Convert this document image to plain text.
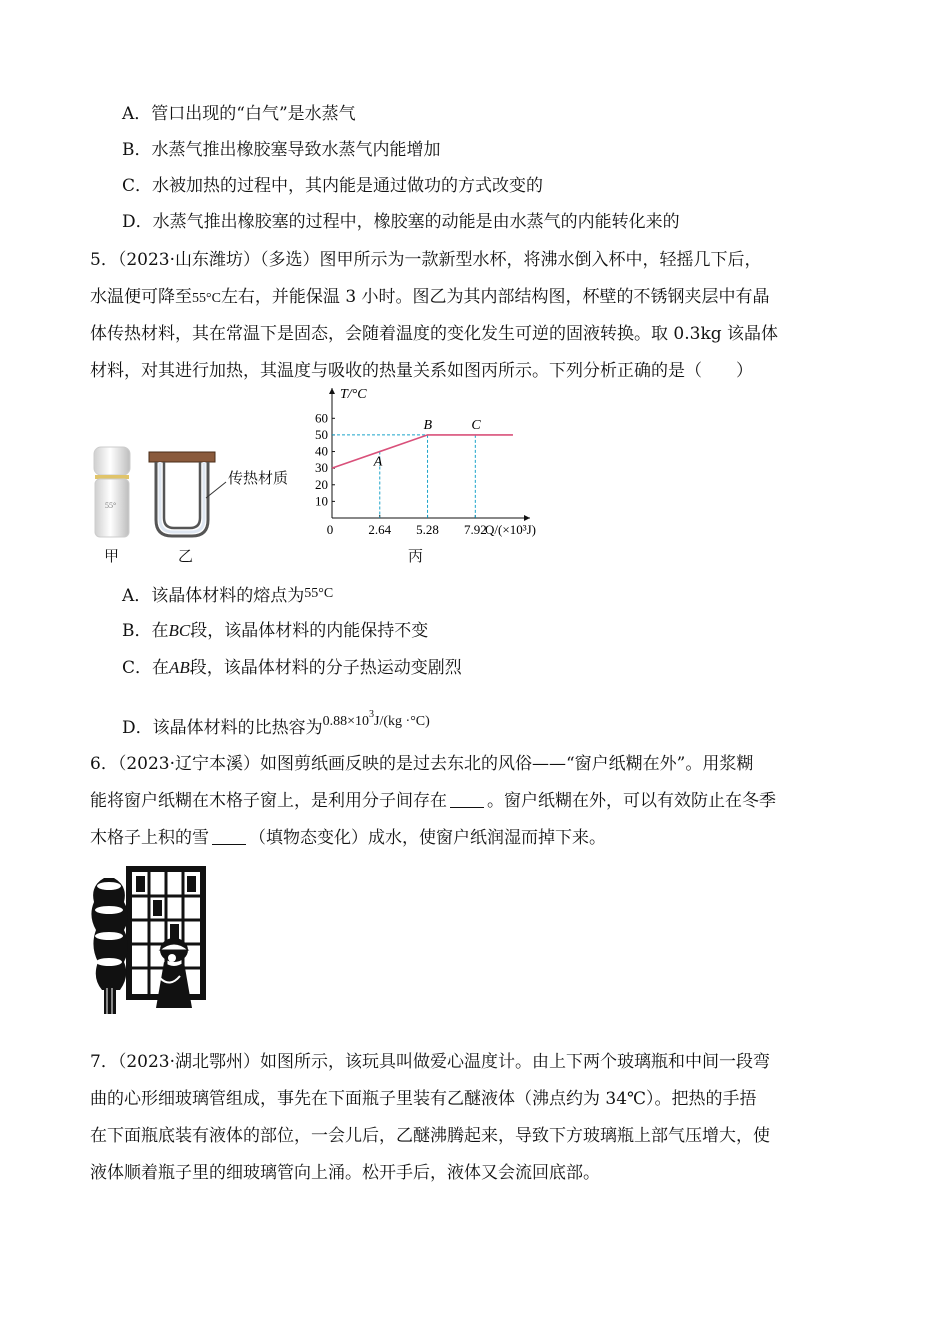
A．管口出现的“白气”是水蒸气
B．水蒸气推出橡胶塞导致水蒸气内能增加
C．水被加热的过程中，其内能是通过做功的方式改变的
D．水蒸气推出橡胶塞的过程中，橡胶塞的动能是由水蒸气的内能转化来的
5．（2023·山东潍坊）（多选）图甲所示为一款新型水杯，将沸水倒入杯中，轻摇几下后，
水温便可降至55°C左右，并能保温 3 小时。图乙为其内部结构图，杯壁的不锈钢夹层中有晶
体传热材料，其在常温下是固态，会随着温度的变化发生可逆的固液转换。取 0.3kg 该晶体
材料，对其进行加热，其温度与吸收的热量关系如图丙所示。下列分析正确的是（　　）
55°
甲
传热材质
乙
10
20
30
40
50
60
0	2.64 5.28 7.92
A
B	C
T/°C
Q/(×10³J)
丙
A．该晶体材料的熔点为$^{55^\circ C}$
B．在BC段，该晶体材料的内能保持不变
C．在AB段，该晶体材料的分子热运动变剧烈
D．该晶体材料的比热容为$^{0.88\times 10^3J/(kg \cdot^\circ C)}$
6．（2023·辽宁本溪）如图剪纸画反映的是过去东北的风俗——“窗户纸糊在外”。用浆糊
能将窗户纸糊在木格子窗上，是利用分子间存在 。窗户纸糊在外，可以有效防止在冬季
木格子上积的雪 （填物态变化）成水，使窗户纸润湿而掉下来。
7．（2023·湖北鄂州）如图所示，该玩具叫做爱心温度计。由上下两个玻璃瓶和中间一段弯
曲的心形细玻璃管组成，事先在下面瓶子里装有乙醚液体（沸点约为 34℃）。把热的手捂
在下面瓶底装有液体的部位，一会儿后，乙醚沸腾起来，导致下方玻璃瓶上部气压增大，使
液体顺着瓶子里的细玻璃管向上涌。松开手后，液体又会流回底部。
